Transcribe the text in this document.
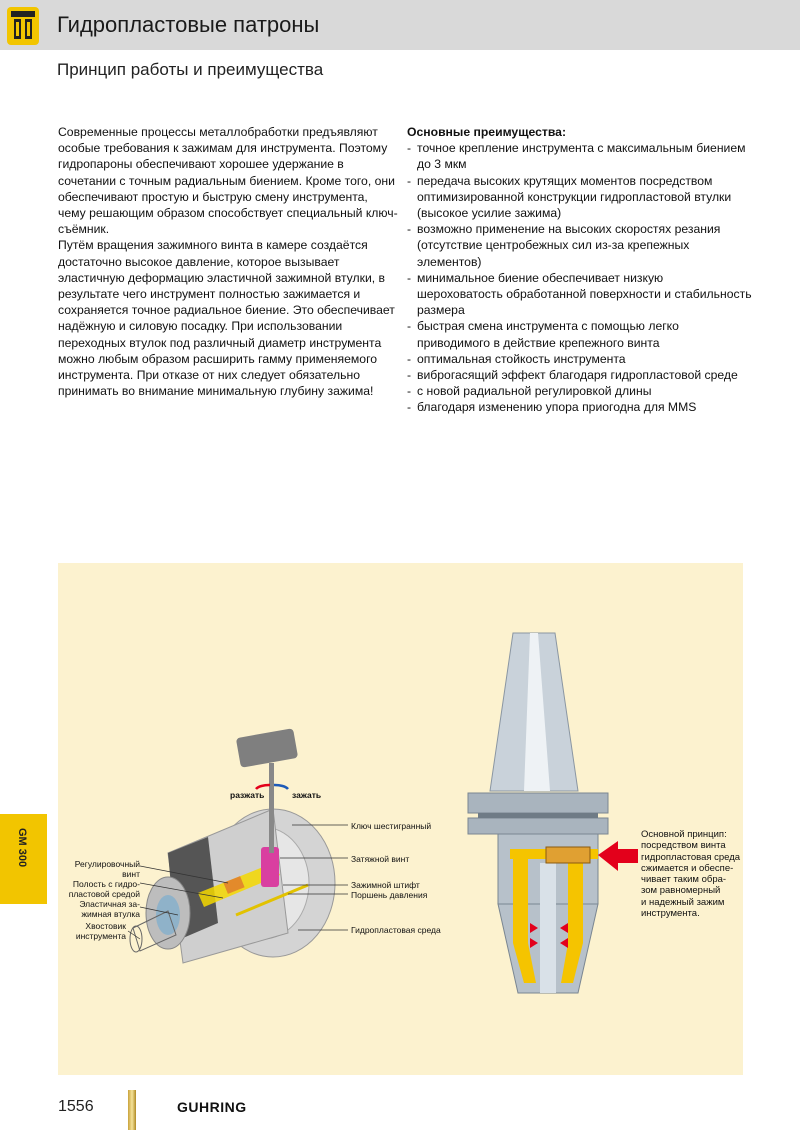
Гидропластовые патроны
Принцип работы и преимущества

Современные процессы металлобработки предъявляют особые требования к зажимам для инструмента. Поэтому гидропароны обеспечивают хорошее удержание в сочетании с точным радиальным биением. Кроме того, они обеспечивают простую и быструю смену инструмента, чему решающим образом способствует специальный ключ-съёмник.

Путём вращения зажимного винта в камере создаётся достаточно высокое давление, которое вызывает эластичную деформацию эластичной зажимной втулки, в результате чего инструмент полностью зажимается и сохраняется точное радиальное биение. Это обеспечивает надёжную и силовую посадку. При использовании переходных втулок под различный диаметр инструмента можно любым образом расширить гамму применяемого инструмента. При отказе от них следует обязательно принимать во внимание минимальную глубину зажима!

Основные преимущества:
- точное крепление инструмента с максимальным биением до 3 мкм
- передача высоких крутящих моментов посредством оптимизированной конструкции гидропластовой втулки (высокое усилие зажима)
- возможно применение на высоких скоростях резания (отсутствие центробежных сил из-за крепежных элементов)
- минимальное биение обеспечивает низкую шероховатость обработанной поверхности и стабильность размера
- быстрая смена инструмента с помощью легко приводимого в действие крепежного винта
- оптимальная стойкость инструмента
- виброгасящий эффект благодаря гидропластовой среде
- с новой радиальной регулировкой длины
- благодаря изменению упора приогодна для MMS
GM 300
разжать	зажать
Ключ шестигранный
Регулировочный
винт
Полость с гидро-
пластовой средой
Эластичная за-
жимная втулка
Хвостовик
инструмента
Затяжной винт
Зажимной штифт
Поршень давления
Гидропластовая среда
Основной принцип:
посредством винта
гидропластовая среда
сжимается и обеспе-
чивает таким обра-
зом равномерный
и надежный зажим
инструмента.
1556	GUHRING
